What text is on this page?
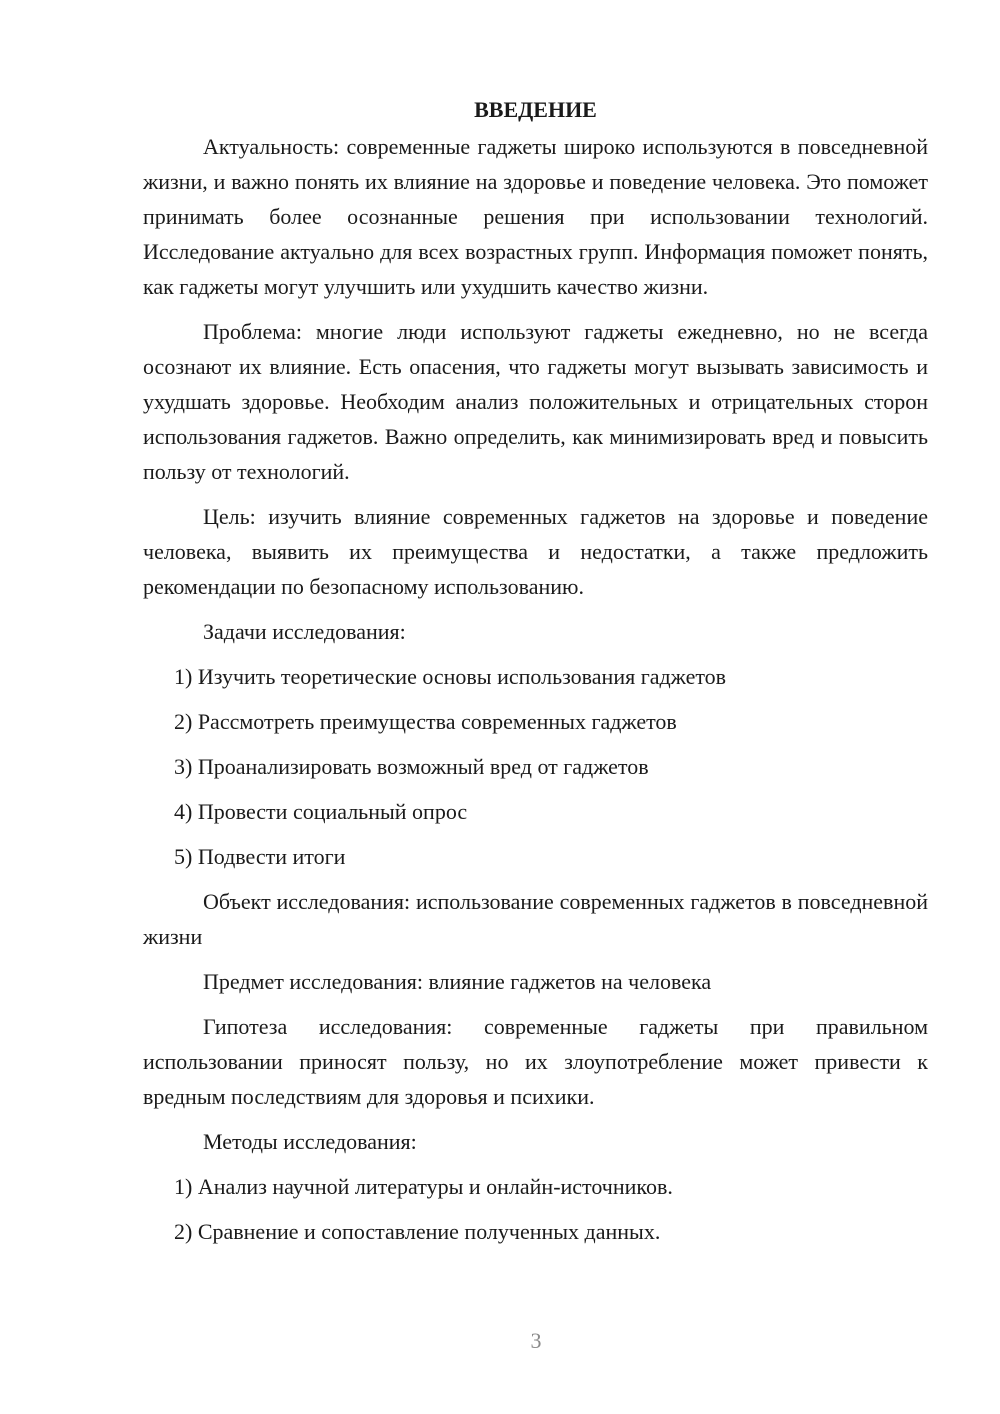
ВВЕДЕНИЕ

Актуальность: современные гаджеты широко используются в повседневной жизни, и важно понять их влияние на здоровье и поведение человека. Это поможет принимать более осознанные решения при использовании технологий. Исследование актуально для всех возрастных групп. Информация поможет понять, как гаджеты могут улучшить или ухудшить качество жизни.

Проблема: многие люди используют гаджеты ежедневно, но не всегда осознают их влияние. Есть опасения, что гаджеты могут вызывать зависимость и ухудшать здоровье. Необходим анализ положительных и отрицательных сторон использования гаджетов. Важно определить, как минимизировать вред и повысить пользу от технологий.

Цель: изучить влияние современных гаджетов на здоровье и поведение человека, выявить их преимущества и недостатки, а также предложить рекомендации по безопасному использованию.

Задачи исследования:

1) Изучить теоретические основы использования гаджетов
2) Рассмотреть преимущества современных гаджетов
3) Проанализировать возможный вред от гаджетов
4) Провести социальный опрос
5) Подвести итоги

Объект исследования: использование современных гаджетов в повседневной жизни

Предмет исследования: влияние гаджетов на человека

Гипотеза исследования: современные гаджеты при правильном использовании приносят пользу, но их злоупотребление может привести к вредным последствиям для здоровья и психики.

Методы исследования:

1) Анализ научной литературы и онлайн-источников.
2) Сравнение и сопоставление полученных данных.
3
